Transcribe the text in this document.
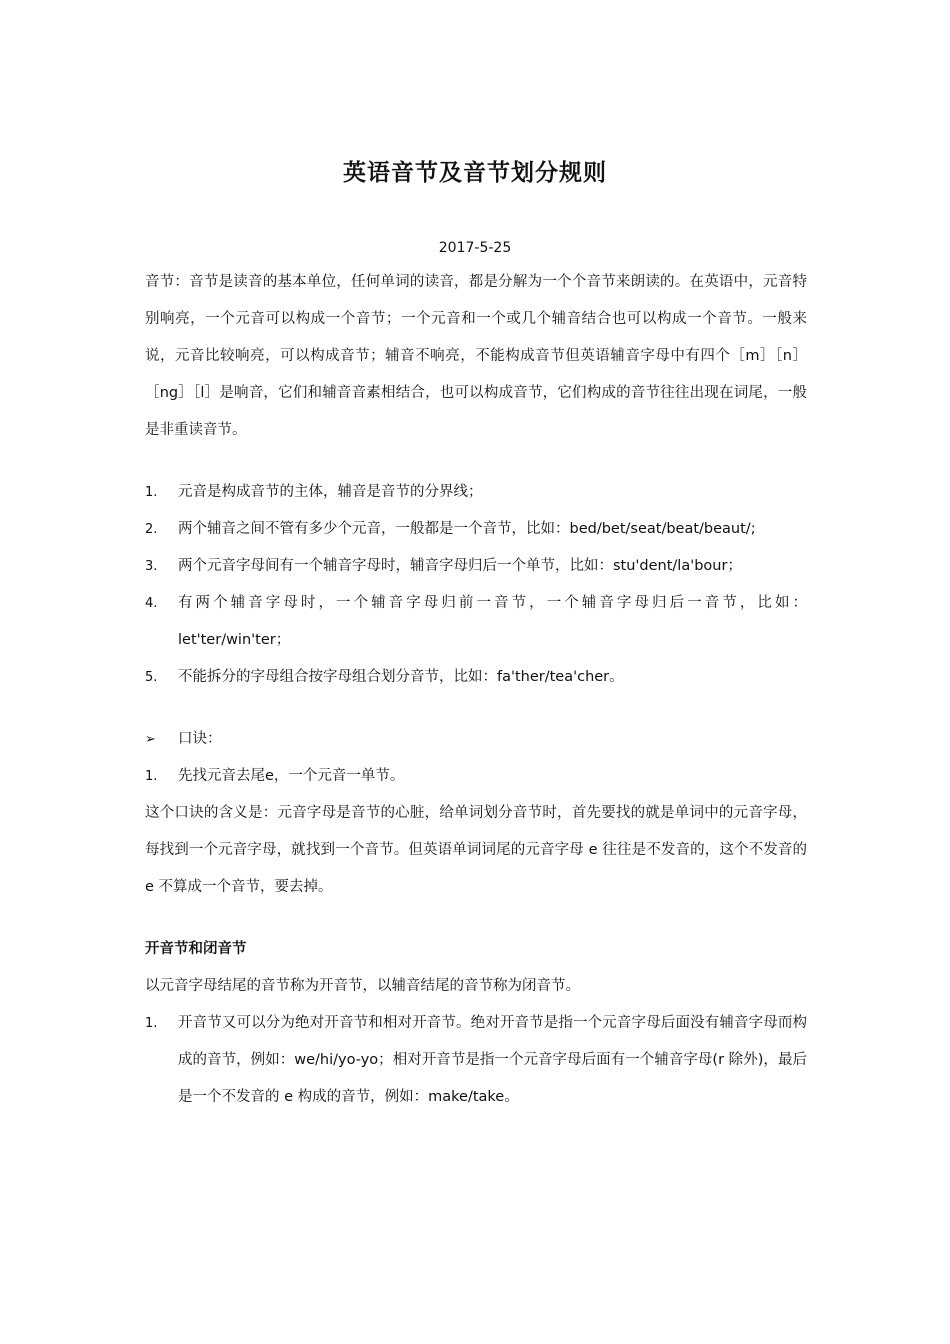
英语音节及音节划分规则
2017-5-25

音节：音节是读音的基本单位，任何单词的读音，都是分解为一个个音节来朗读的。在英语中，元音特别响亮，一个元音可以构成一个音节；一个元音和一个或几个辅音结合也可以构成一个音节。一般来说，元音比较响亮，可以构成音节；辅音不响亮，不能构成音节但英语辅音字母中有四个［m］［n］［ng］［l］是响音，它们和辅音音素相结合，也可以构成音节，它们构成的音节往往出现在词尾，一般是非重读音节。

1. 元音是构成音节的主体，辅音是音节的分界线；

2. 两个辅音之间不管有多少个元音，一般都是一个音节，比如：bed/bet/seat/beat/beaut/;

3. 两个元音字母间有一个辅音字母时，辅音字母归后一个单节，比如：stu'dent/la'bour；

4. 有两个辅音字母时，一个辅音字母归前一音节，一个辅音字母归后一音节，比如：let'ter/win'ter；

5. 不能拆分的字母组合按字母组合划分音节，比如：fa'ther/tea'cher。

➢ 口诀：

1. 先找元音去尾e，一个元音一单节。

这个口诀的含义是：元音字母是音节的心脏，给单词划分音节时，首先要找的就是单词中的元音字母，每找到一个元音字母，就找到一个音节。但英语单词词尾的元音字母 e 往往是不发音的，这个不发音的 e 不算成一个音节，要去掉。

开音节和闭音节

以元音字母结尾的音节称为开音节，以辅音结尾的音节称为闭音节。

1. 开音节又可以分为绝对开音节和相对开音节。绝对开音节是指一个元音字母后面没有辅音字母而构成的音节，例如：we/hi/yo-yo；相对开音节是指一个元音字母后面有一个辅音字母(r 除外)，最后是一个不发音的 e 构成的音节，例如：make/take。
